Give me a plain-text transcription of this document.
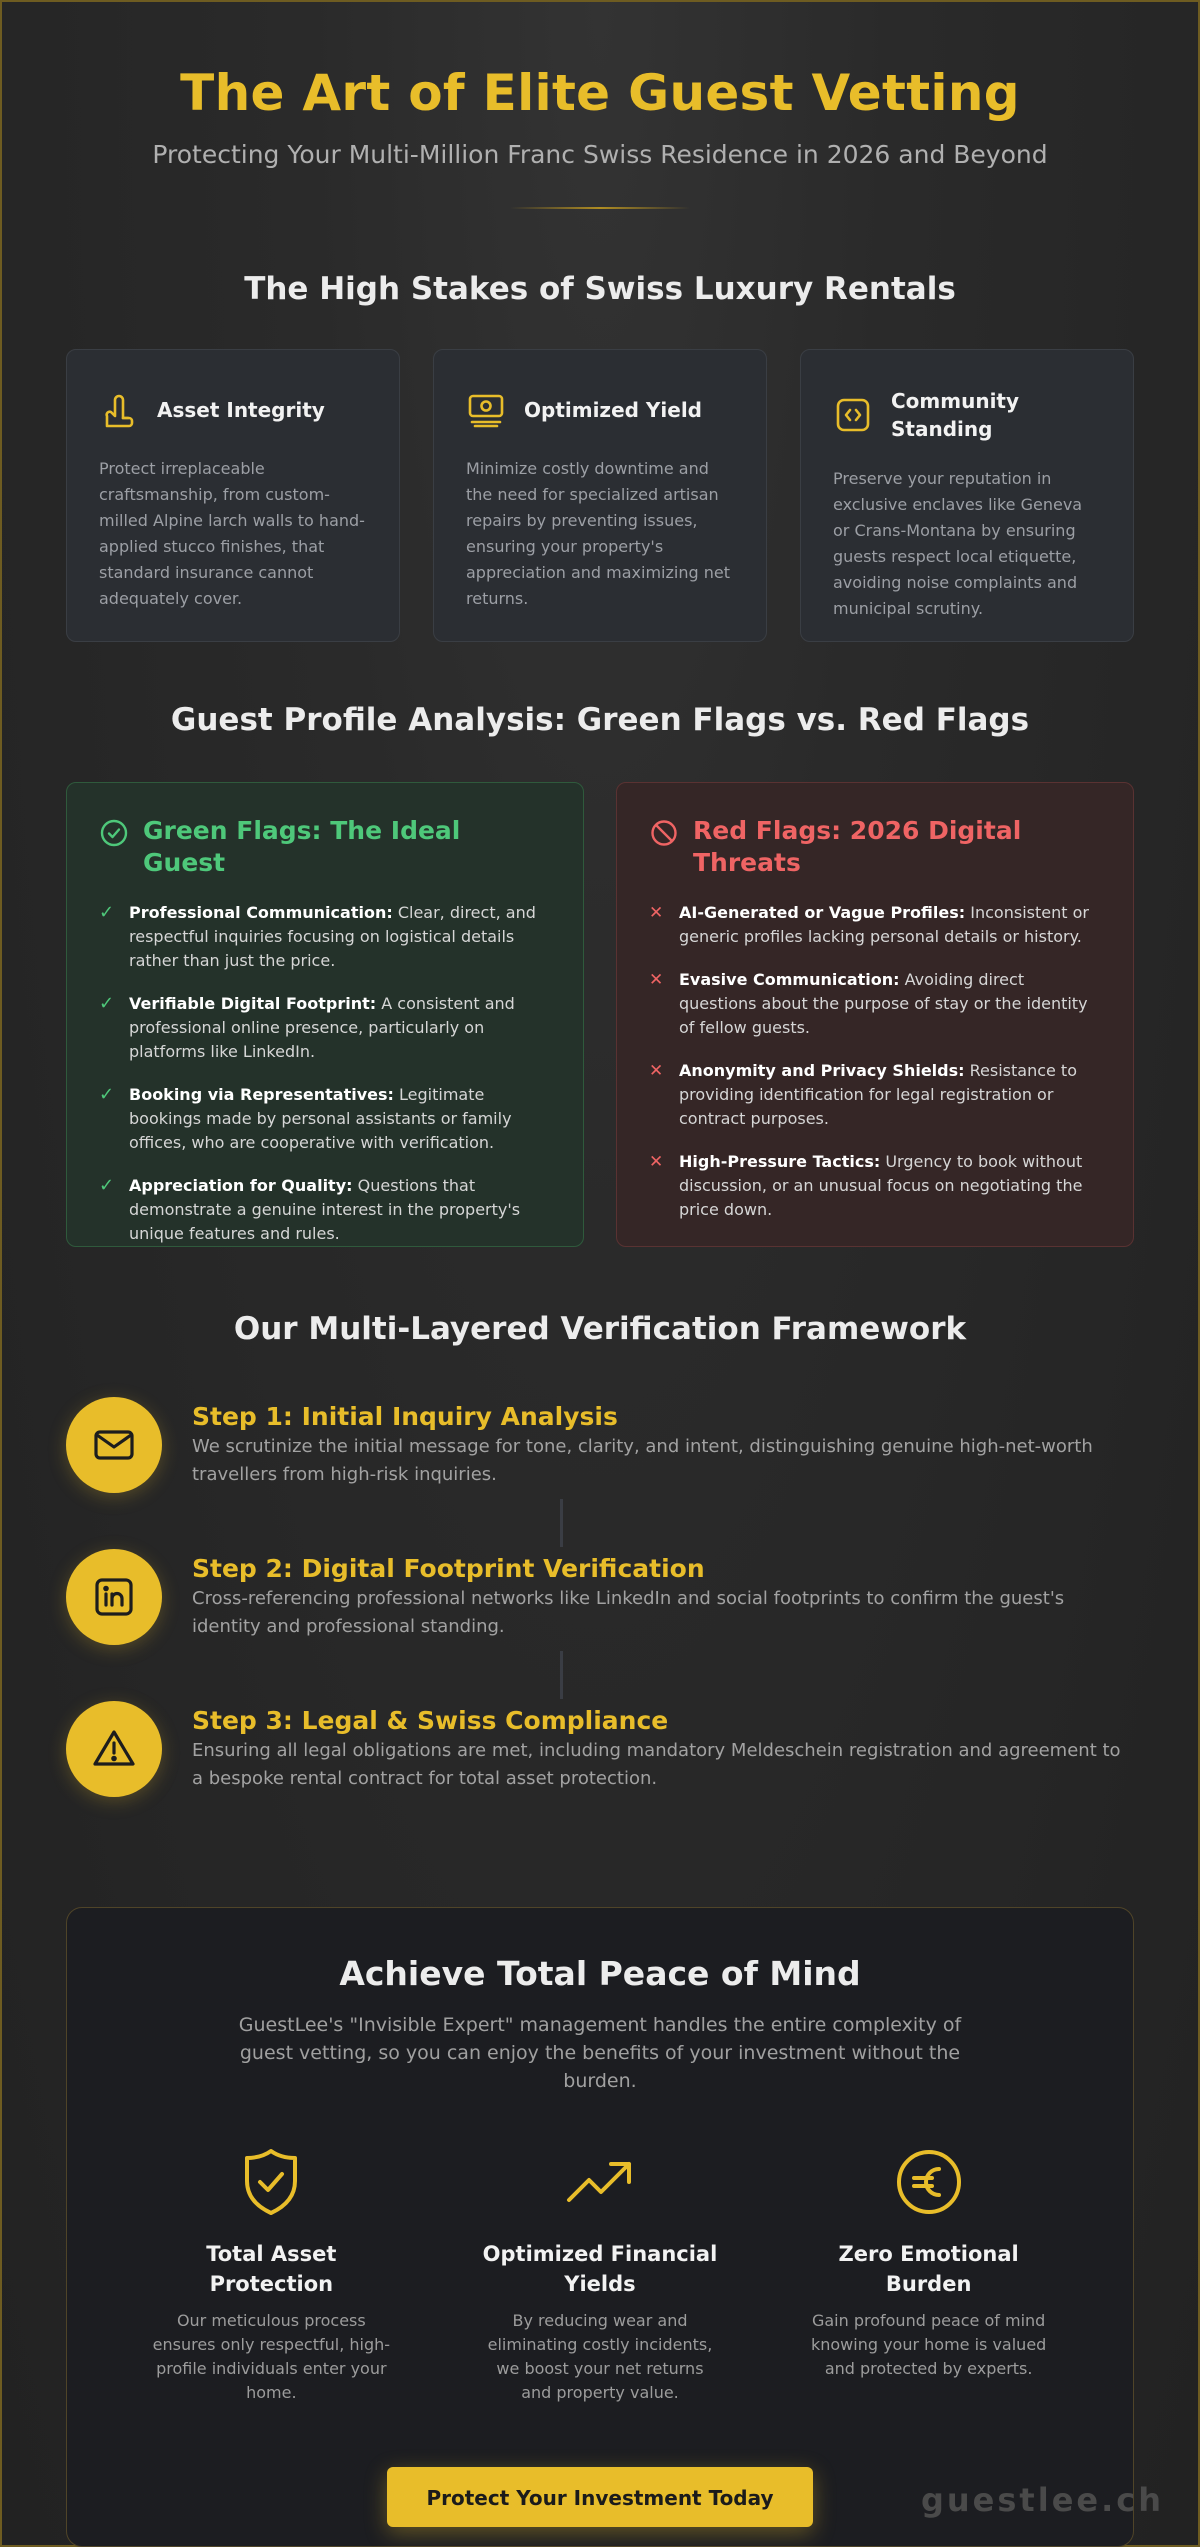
The Art of Elite Guest Vetting
Protecting Your Multi-Million Franc Swiss Residence in 2026 and Beyond
The High Stakes of Swiss Luxury Rentals
Asset Integrity
Protect irreplaceable craftsmanship, from custom-milled Alpine larch walls to hand-applied stucco finishes, that standard insurance cannot adequately cover.
Optimized Yield
Minimize costly downtime and the need for specialized artisan repairs by preventing issues, ensuring your property's appreciation and maximizing net returns.
Community Standing
Preserve your reputation in exclusive enclaves like Geneva or Crans-Montana by ensuring guests respect local etiquette, avoiding noise complaints and municipal scrutiny.
Guest Profile Analysis: Green Flags vs. Red Flags
Green Flags: The Ideal Guest
✓ Professional Communication: Clear, direct, and respectful inquiries focusing on logistical details rather than just the price.
✓ Verifiable Digital Footprint: A consistent and professional online presence, particularly on platforms like LinkedIn.
✓ Booking via Representatives: Legitimate bookings made by personal assistants or family offices, who are cooperative with verification.
✓ Appreciation for Quality: Questions that demonstrate a genuine interest in the property's unique features and rules.
Red Flags: 2026 Digital Threats
✕ AI-Generated or Vague Profiles: Inconsistent or generic profiles lacking personal details or history.
✕ Evasive Communication: Avoiding direct questions about the purpose of stay or the identity of fellow guests.
✕ Anonymity and Privacy Shields: Resistance to providing identification for legal registration or contract purposes.
✕ High-Pressure Tactics: Urgency to book without discussion, or an unusual focus on negotiating the price down.
Our Multi-Layered Verification Framework
Step 1: Initial Inquiry Analysis
We scrutinize the initial message for tone, clarity, and intent, distinguishing genuine high-net-worth travellers from high-risk inquiries.
Step 2: Digital Footprint Verification
Cross-referencing professional networks like LinkedIn and social footprints to confirm the guest's identity and professional standing.
Step 3: Legal & Swiss Compliance
Ensuring all legal obligations are met, including mandatory Meldeschein registration and agreement to a bespoke rental contract for total asset protection.
Achieve Total Peace of Mind
GuestLee's "Invisible Expert" management handles the entire complexity of guest vetting, so you can enjoy the benefits of your investment without the burden.
Total Asset Protection
Our meticulous process ensures only respectful, high-profile individuals enter your home.
Optimized Financial Yields
By reducing wear and eliminating costly incidents, we boost your net returns and property value.
Zero Emotional Burden
Gain profound peace of mind knowing your home is valued and protected by experts.
Protect Your Investment Today	guestlee.ch
